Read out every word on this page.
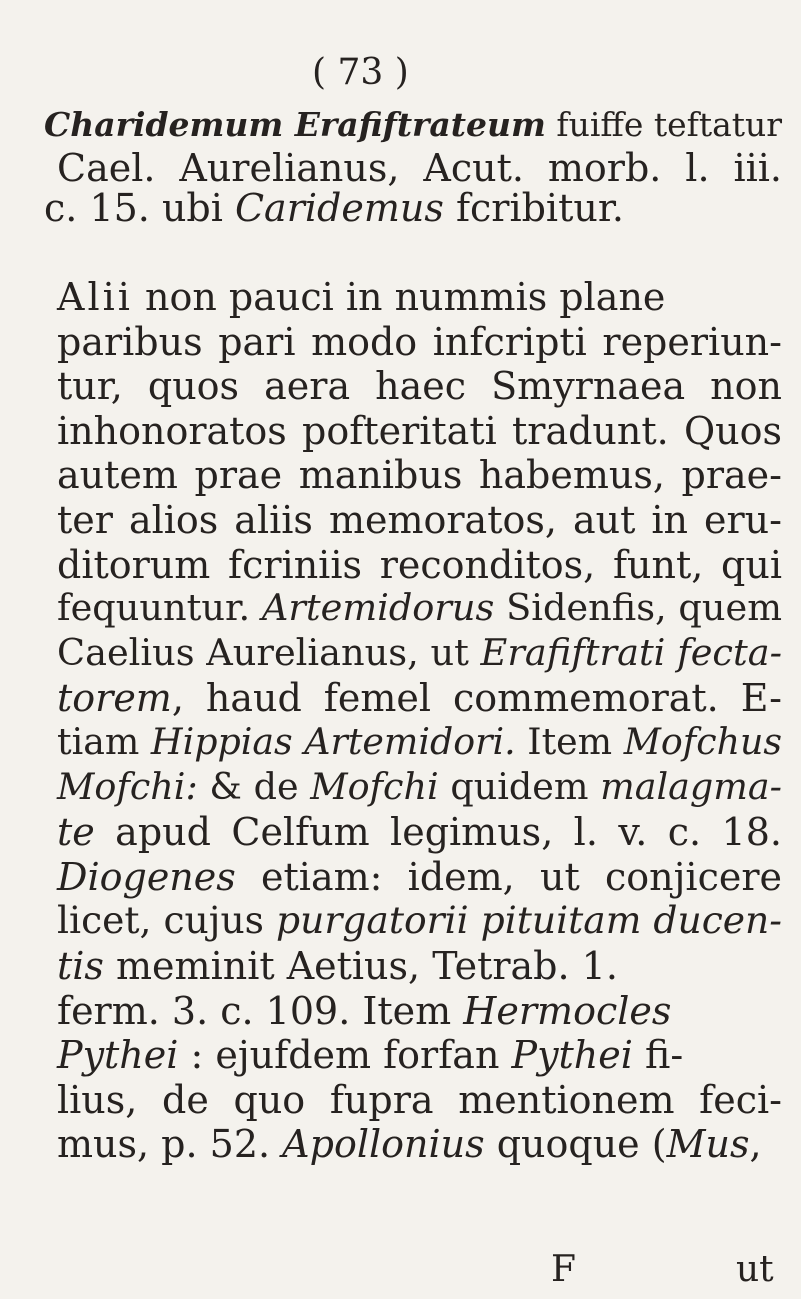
( 73 )
Charidemum Erafiftrateum fuiffe teftatur
Cael. Aurelianus, Acut. morb. l. iii.
c. 15. ubi Caridemus fcribitur.
Alii non pauci in nummis plane
paribus pari modo infcripti reperiun-
tur, quos aera haec Smyrnaea non
inhonoratos pofteritati tradunt. Quos
autem prae manibus habemus, prae-
ter alios aliis memoratos, aut in eru-
ditorum fcriniis reconditos, funt, qui
fequuntur. Artemidorus Sidenfis, quem
Caelius Aurelianus, ut Erafiftrati fecta-
torem, haud femel commemorat. E-
tiam Hippias Artemidori. Item Mofchus
Mofchi: & de Mofchi quidem malagma-
te apud Celfum legimus, l. v. c. 18.
Diogenes etiam: idem, ut conjicere
licet, cujus purgatorii pituitam ducen-
tis meminit Aetius, Tetrab. 1.
ferm. 3. c. 109. Item Hermocles
Pythei : ejufdem forfan Pythei fi-
lius, de quo fupra mentionem feci-
mus, p. 52. Apollonius quoque (Mus,
F	ut
